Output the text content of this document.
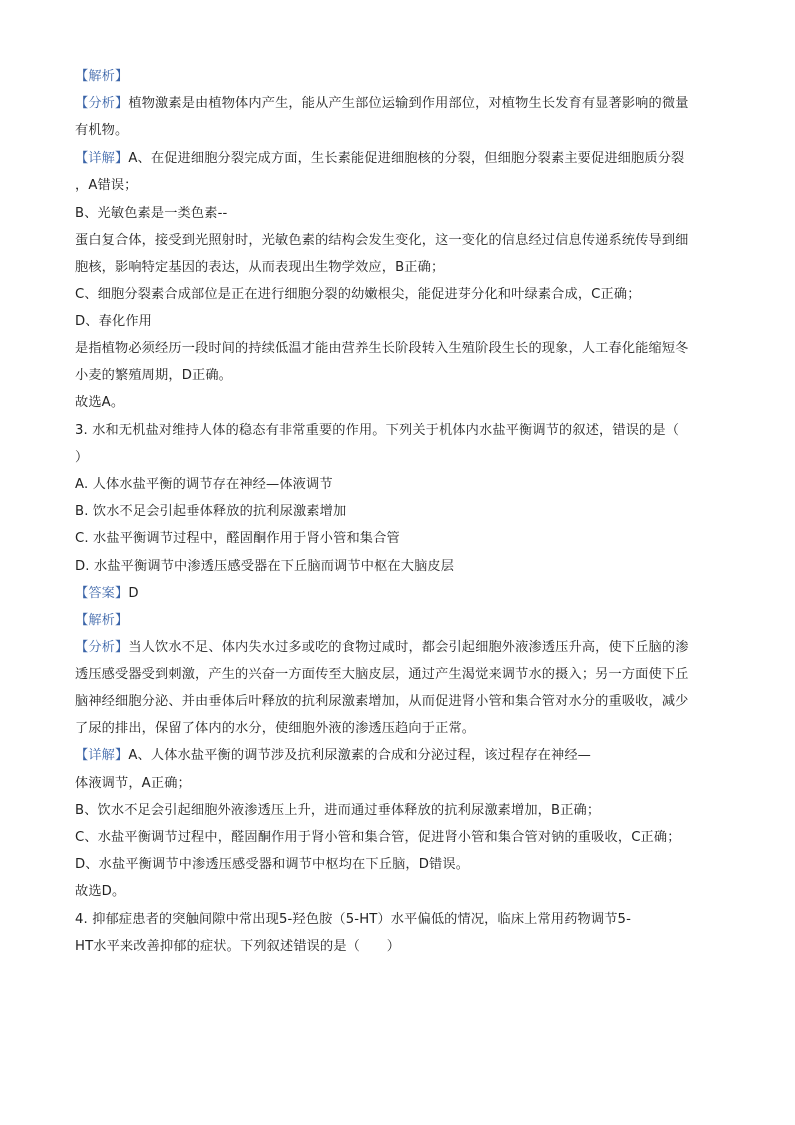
【解析】
【分析】植物激素是由植物体内产生，能从产生部位运输到作用部位，对植物生长发育有显著影响的微量
有机物。
【详解】A、在促进细胞分裂完成方面，生长素能促进细胞核的分裂，但细胞分裂素主要促进细胞质分裂
，A错误；
B、光敏色素是一类色素--
蛋白复合体，接受到光照射时，光敏色素的结构会发生变化，这一变化的信息经过信息传递系统传导到细
胞核，影响特定基因的表达，从而表现出生物学效应，B正确；
C、细胞分裂素合成部位是正在进行细胞分裂的幼嫩根尖，能促进芽分化和叶绿素合成，C正确；
D、春化作用
是指植物必须经历一段时间的持续低温才能由营养生长阶段转入生殖阶段生长的现象，人工春化能缩短冬
小麦的繁殖周期，D正确。
故选A。
3. 水和无机盐对维持人体的稳态有非常重要的作用。下列关于机体内水盐平衡调节的叙述，错误的是（
）
A. 人体水盐平衡的调节存在神经—体液调节
B. 饮水不足会引起垂体释放的抗利尿激素增加
C. 水盐平衡调节过程中，醛固酮作用于肾小管和集合管
D. 水盐平衡调节中渗透压感受器在下丘脑而调节中枢在大脑皮层
【答案】D
【解析】
【分析】当人饮水不足、体内失水过多或吃的食物过咸时，都会引起细胞外液渗透压升高，使下丘脑的渗
透压感受器受到刺激，产生的兴奋一方面传至大脑皮层，通过产生渴觉来调节水的摄入；另一方面使下丘
脑神经细胞分泌、并由垂体后叶释放的抗利尿激素增加，从而促进肾小管和集合管对水分的重吸收，减少
了尿的排出，保留了体内的水分，使细胞外液的渗透压趋向于正常。
【详解】A、人体水盐平衡的调节涉及抗利尿激素的合成和分泌过程，该过程存在神经—
体液调节，A正确；
B、饮水不足会引起细胞外液渗透压上升，进而通过垂体释放的抗利尿激素增加，B正确；
C、水盐平衡调节过程中，醛固酮作用于肾小管和集合管，促进肾小管和集合管对钠的重吸收，C正确；
D、水盐平衡调节中渗透压感受器和调节中枢均在下丘脑，D错误。
故选D。
4. 抑郁症患者的突触间隙中常出现5-羟色胺（5-HT）水平偏低的情况，临床上常用药物调节5-
HT水平来改善抑郁的症状。下列叙述错误的是（　　）
